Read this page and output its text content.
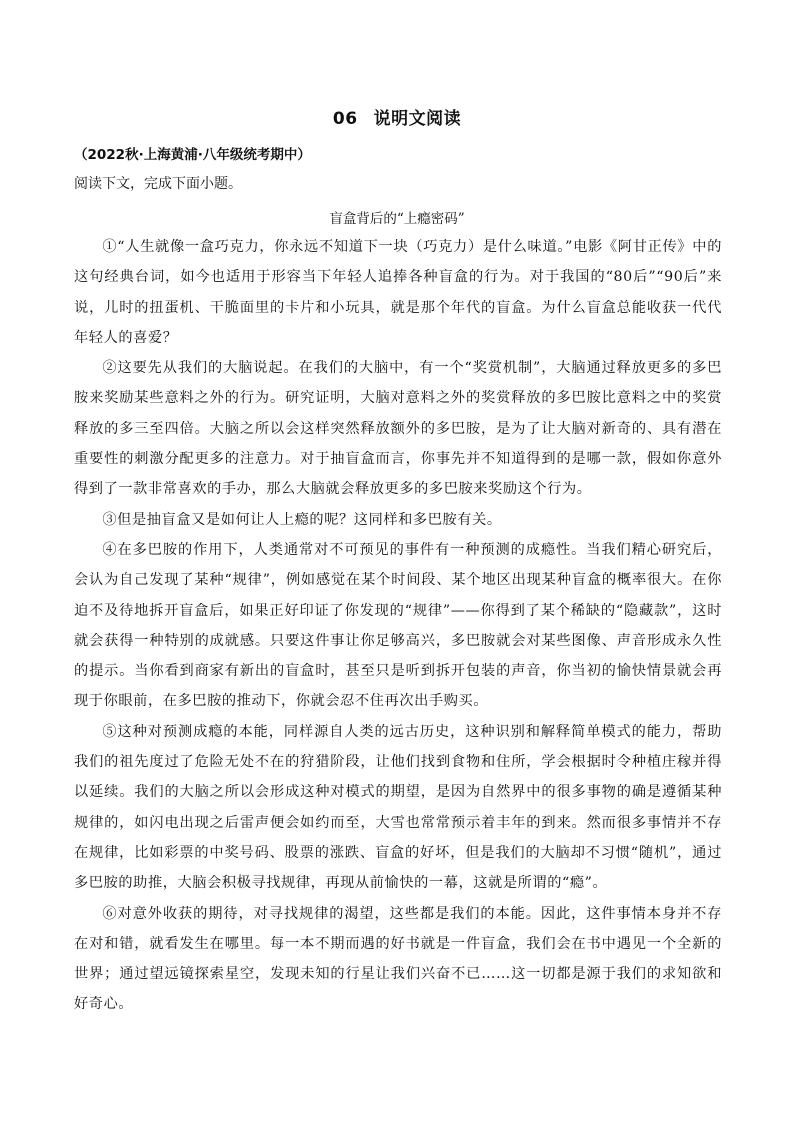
06 说明文阅读
（2022秋·上海黄浦·八年级统考期中）
阅读下文，完成下面小题。
盲盒背后的“上瘾密码”

①“人生就像一盒巧克力，你永远不知道下一块（巧克力）是什么味道。”电影《阿甘正传》中的这句经典台词，如今也适用于形容当下年轻人追捧各种盲盒的行为。对于我国的“80后”“90后”来说，儿时的扭蛋机、干脆面里的卡片和小玩具，就是那个年代的盲盒。为什么盲盒总能收获一代代年轻人的喜爱？

②这要先从我们的大脑说起。在我们的大脑中，有一个“奖赏机制”，大脑通过释放更多的多巴胺来奖励某些意料之外的行为。研究证明，大脑对意料之外的奖赏释放的多巴胺比意料之中的奖赏释放的多三至四倍。大脑之所以会这样突然释放额外的多巴胺，是为了让大脑对新奇的、具有潜在重要性的刺激分配更多的注意力。对于抽盲盒而言，你事先并不知道得到的是哪一款，假如你意外得到了一款非常喜欢的手办，那么大脑就会释放更多的多巴胺来奖励这个行为。

③但是抽盲盒又是如何让人上瘾的呢？这同样和多巴胺有关。

④在多巴胺的作用下，人类通常对不可预见的事件有一种预测的成瘾性。当我们精心研究后，会认为自己发现了某种“规律”，例如感觉在某个时间段、某个地区出现某种盲盒的概率很大。在你迫不及待地拆开盲盒后，如果正好印证了你发现的“规律”——你得到了某个稀缺的“隐藏款”，这时就会获得一种特别的成就感。只要这件事让你足够高兴，多巴胺就会对某些图像、声音形成永久性的提示。当你看到商家有新出的盲盒时，甚至只是听到拆开包装的声音，你当初的愉快情景就会再现于你眼前，在多巴胺的推动下，你就会忍不住再次出手购买。

⑤这种对预测成瘾的本能，同样源自人类的远古历史，这种识别和解释简单模式的能力，帮助我们的祖先度过了危险无处不在的狩猎阶段，让他们找到食物和住所，学会根据时令种植庄稼并得以延续。我们的大脑之所以会形成这种对模式的期望，是因为自然界中的很多事物的确是遵循某种规律的，如闪电出现之后雷声便会如约而至，大雪也常常预示着丰年的到来。然而很多事情并不存在规律，比如彩票的中奖号码、股票的涨跌、盲盒的好坏，但是我们的大脑却不习惯“随机”，通过多巴胺的助推，大脑会积极寻找规律，再现从前愉快的一幕，这就是所谓的“瘾”。

⑥对意外收获的期待，对寻找规律的渴望，这些都是我们的本能。因此，这件事情本身并不存在对和错，就看发生在哪里。每一本不期而遇的好书就是一件盲盒，我们会在书中遇见一个全新的世界；通过望远镜探索星空，发现未知的行星让我们兴奋不已……这一切都是源于我们的求知欲和好奇心。
